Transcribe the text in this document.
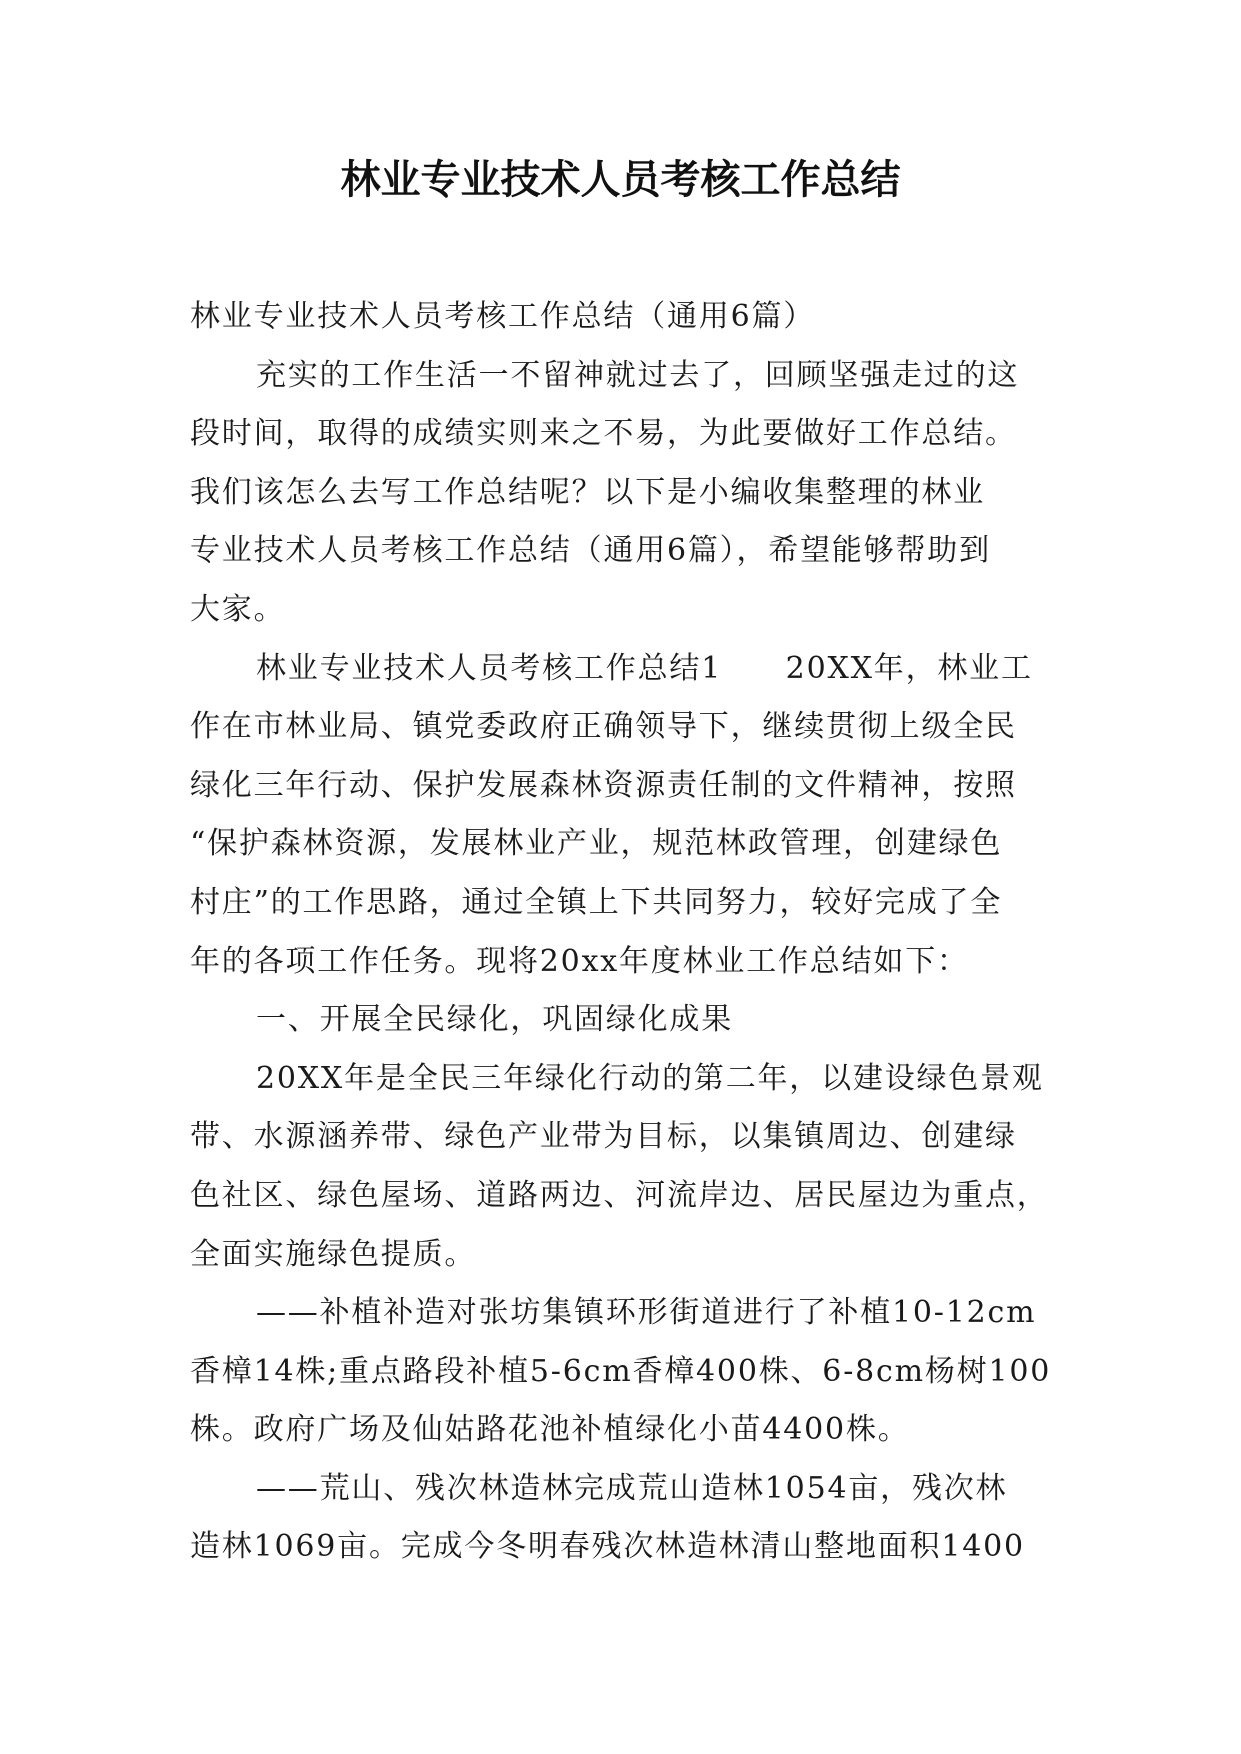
林业专业技术人员考核工作总结
林业专业技术人员考核工作总结（通用6篇）
充实的工作生活一不留神就过去了，回顾坚强走过的这
段时间，取得的成绩实则来之不易，为此要做好工作总结。
我们该怎么去写工作总结呢？以下是小编收集整理的林业
专业技术人员考核工作总结（通用6篇），希望能够帮助到
大家。
林业专业技术人员考核工作总结1　　20XX年，林业工
作在市林业局、镇党委政府正确领导下，继续贯彻上级全民
绿化三年行动、保护发展森林资源责任制的文件精神，按照
“保护森林资源，发展林业产业，规范林政管理，创建绿色
村庄”的工作思路，通过全镇上下共同努力，较好完成了全
年的各项工作任务。现将20xx年度林业工作总结如下：
一、开展全民绿化，巩固绿化成果
20XX年是全民三年绿化行动的第二年，以建设绿色景观
带、水源涵养带、绿色产业带为目标，以集镇周边、创建绿
色社区、绿色屋场、道路两边、河流岸边、居民屋边为重点，
全面实施绿色提质。
——补植补造对张坊集镇环形街道进行了补植10-12cm
香樟14株;重点路段补植5-6cm香樟400株、6-8cm杨树100
株。政府广场及仙姑路花池补植绿化小苗4400株。
——荒山、残次林造林完成荒山造林1054亩，残次林
造林1069亩。完成今冬明春残次林造林清山整地面积1400
